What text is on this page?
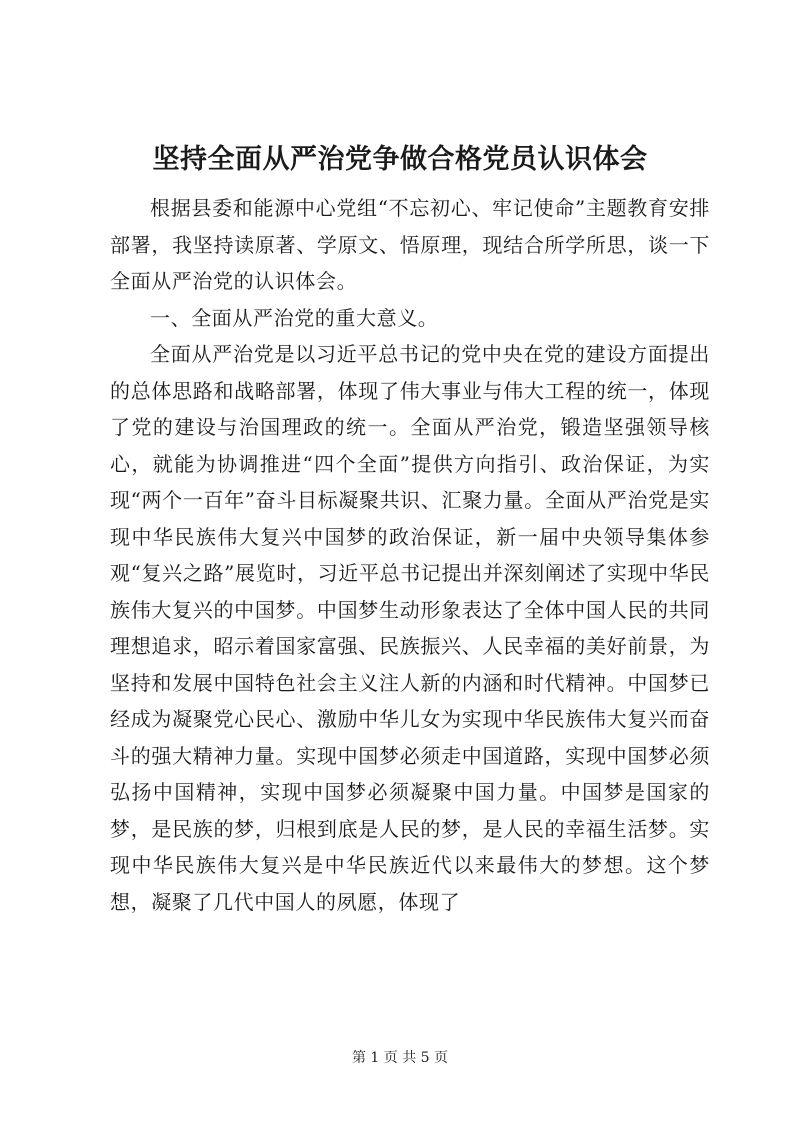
坚持全面从严治党争做合格党员认识体会

根据县委和能源中心党组“不忘初心、牢记使命”主题教育安排部署，我坚持读原著、学原文、悟原理，现结合所学所思，谈一下全面从严治党的认识体会。

一、全面从严治党的重大意义。

全面从严治党是以习近平总书记的党中央在党的建设方面提出的总体思路和战略部署，体现了伟大事业与伟大工程的统一，体现了党的建设与治国理政的统一。全面从严治党，锻造坚强领导核心，就能为协调推进“四个全面”提供方向指引、政治保证，为实现“两个一百年”奋斗目标凝聚共识、汇聚力量。全面从严治党是实现中华民族伟大复兴中国梦的政治保证，新一届中央领导集体参观“复兴之路”展览时，习近平总书记提出并深刻阐述了实现中华民族伟大复兴的中国梦。中国梦生动形象表达了全体中国人民的共同理想追求，昭示着国家富强、民族振兴、人民幸福的美好前景，为坚持和发展中国特色社会主义注人新的内涵和时代精神。中国梦已经成为凝聚党心民心、激励中华儿女为实现中华民族伟大复兴而奋斗的强大精神力量。实现中国梦必须走中国道路，实现中国梦必须弘扬中国精神，实现中国梦必须凝聚中国力量。中国梦是国家的梦，是民族的梦，归根到底是人民的梦，是人民的幸福生活梦。实现中华民族伟大复兴是中华民族近代以来最伟大的梦想。这个梦想，凝聚了几代中国人的夙愿，体现了

第 1 页 共 5 页
